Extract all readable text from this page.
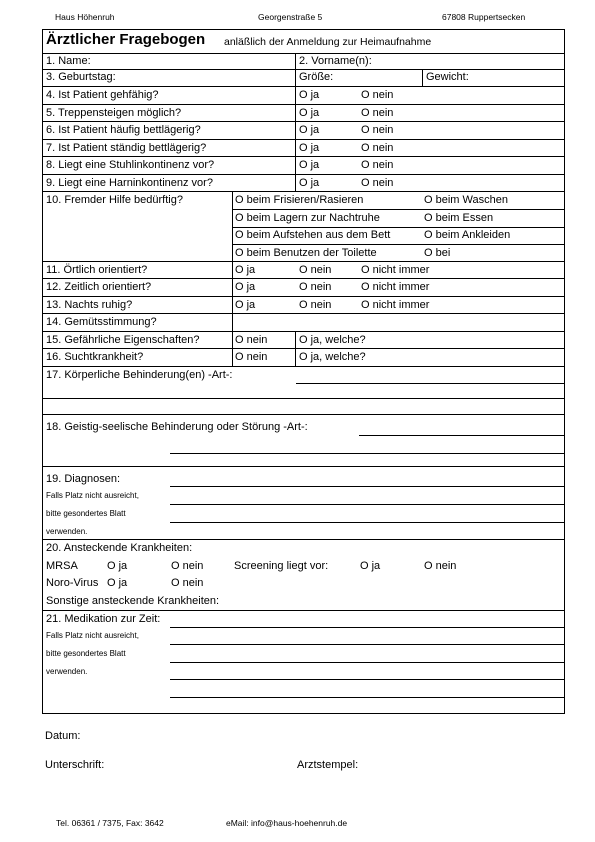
Haus Höhenruh	Georgenstraße 5	67808 Ruppertsecken
Ärztlicher Fragebogen anläßlich der Anmeldung zur Heimaufnahme
1. Name:	2. Vorname(n):
3. Geburtstag:	Größe:	Gewicht:
4. Ist Patient gehfähig?	O ja	O nein
5. Treppensteigen möglich?	O ja	O nein
6. Ist Patient häufig bettlägerig?	O ja	O nein
7. Ist Patient ständig bettlägerig?	O ja	O nein
8. Liegt eine Stuhlinkontinenz vor?	O ja	O nein
9. Liegt eine Harninkontinenz vor?	O ja	O nein
10. Fremder Hilfe bedürftig?	O beim Frisieren/Rasieren	O beim Waschen
O beim Lagern zur Nachtruhe	O beim Essen
O beim Aufstehen aus dem Bett	O beim Ankleiden
O beim Benutzen der Toilette	O bei
11. Örtlich orientiert?	O ja	O nein	O nicht immer
12. Zeitlich orientiert?	O ja	O nein	O nicht immer
13. Nachts ruhig?	O ja	O nein	O nicht immer
14. Gemütsstimmung?
15. Gefährliche Eigenschaften?	O nein	O ja, welche?
16. Suchtkrankheit?	O nein	O ja, welche?
17. Körperliche Behinderung(en) -Art-:
18. Geistig-seelische Behinderung oder Störung -Art-:
19. Diagnosen:
Falls Platz nicht ausreicht,
bitte gesondertes Blatt
verwenden.
20. Ansteckende Krankheiten:
MRSA	O ja	O nein	Screening liegt vor:	O ja	O nein
Noro-Virus O ja	O nein
Sonstige ansteckende Krankheiten:
21. Medikation zur Zeit:
Falls Platz nicht ausreicht,
bitte gesondertes Blatt
verwenden.
Datum:
Unterschrift:	Arztstempel:
Tel. 06361 / 7375, Fax: 3642	eMail: info@haus-hoehenruh.de
